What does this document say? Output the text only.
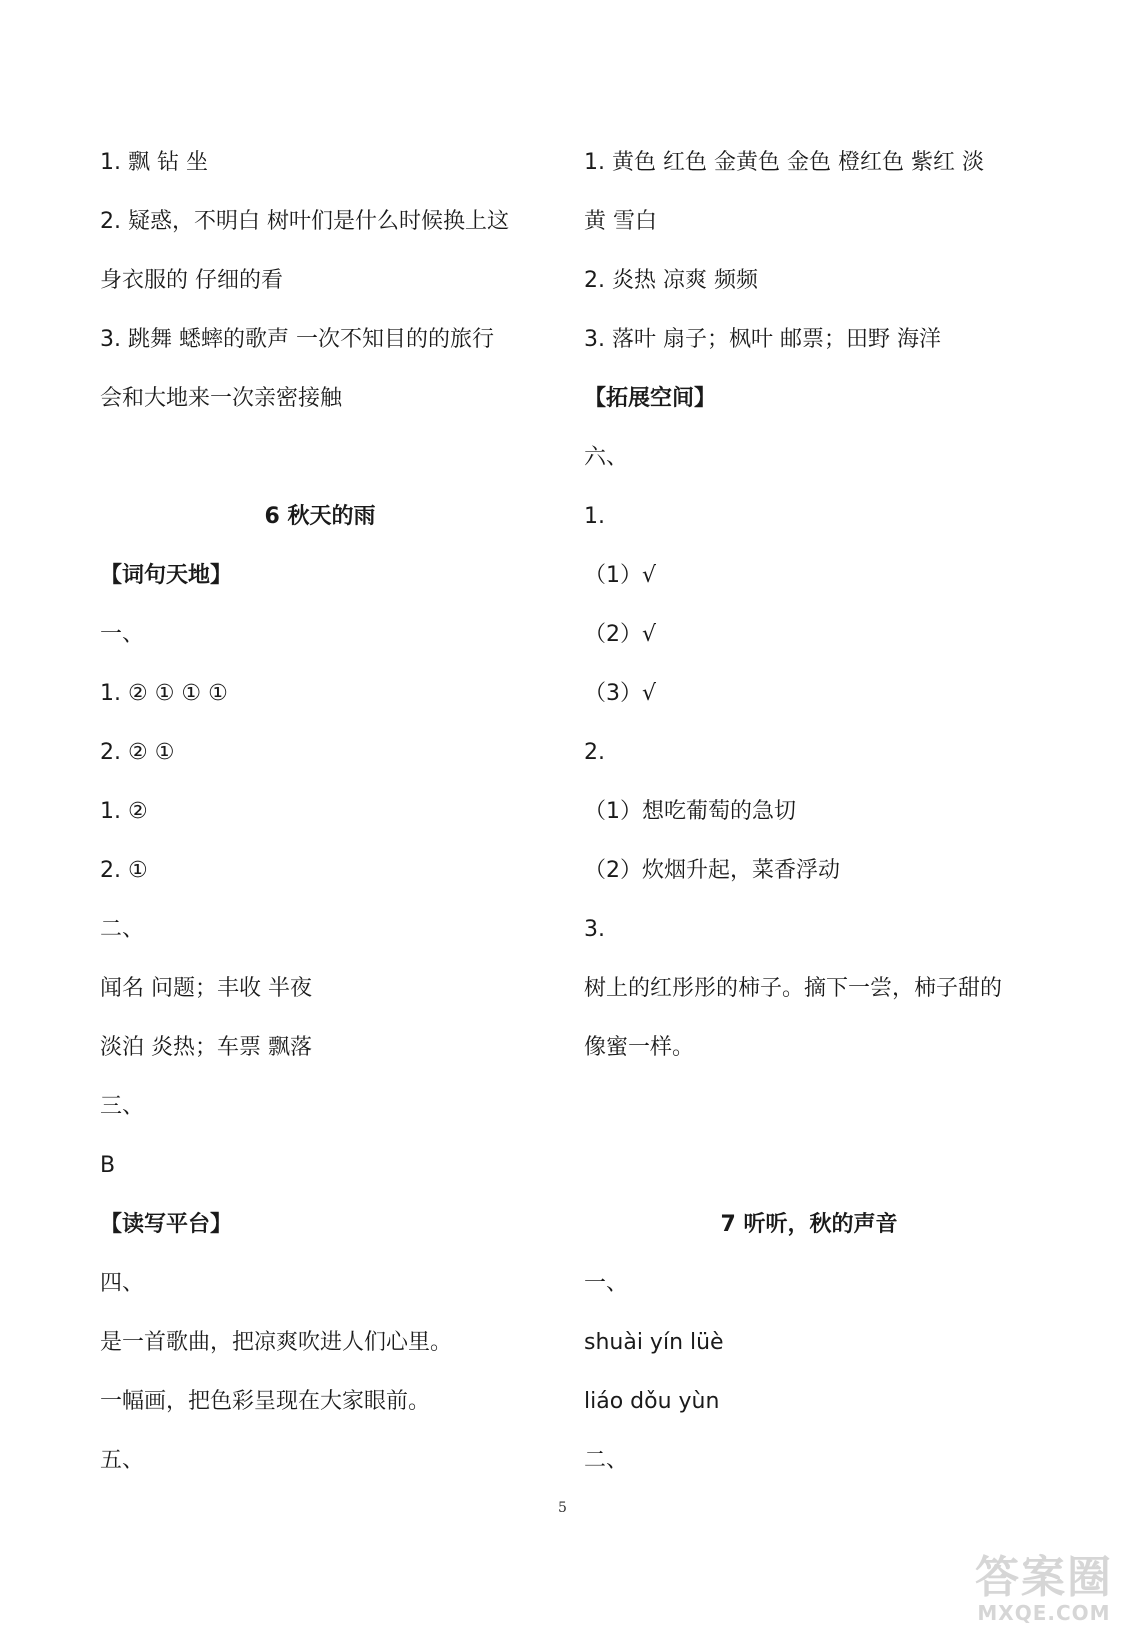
1. 飘 钻 坐
2. 疑惑，不明白 树叶们是什么时候换上这
身衣服的 仔细的看
3. 跳舞 蟋蟀的歌声 一次不知目的的旅行
会和大地来一次亲密接触
6 秋天的雨
【词句天地】
一、
1. ② ① ① ①
2. ② ①
1. ②
2. ①
二、
闻名 问题；丰收 半夜
淡泊 炎热；车票 飘落
三、
B
【读写平台】
四、
是一首歌曲，把凉爽吹进人们心里。
一幅画，把色彩呈现在大家眼前。
五、
1. 黄色 红色 金黄色 金色 橙红色 紫红 淡
黄 雪白
2. 炎热 凉爽 频频
3. 落叶 扇子；枫叶 邮票；田野 海洋
【拓展空间】
六、
1.
（1）√
（2）√
（3）√
2.
（1）想吃葡萄的急切
（2）炊烟升起，菜香浮动
3.
树上的红彤彤的柿子。摘下一尝，柿子甜的
像蜜一样。
7 听听，秋的声音
一、
shuài yín lüè
liáo dǒu yùn
二、
5
答案圈
MXQE.COM
